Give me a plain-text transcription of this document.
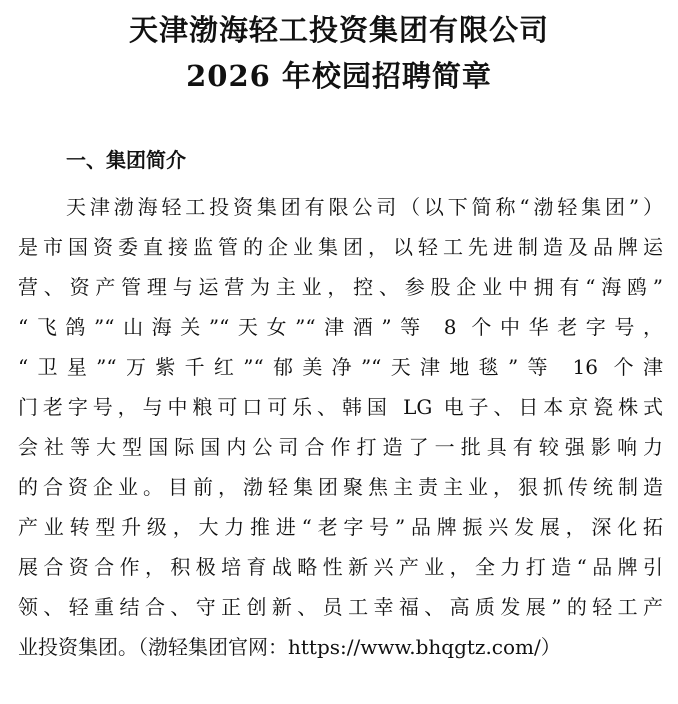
天津渤海轻工投资集团有限公司
2026 年校园招聘简章
一、集团简介
天津渤海轻工投资集团有限公司（以下简称“渤轻集团”）
是市国资委直接监管的企业集团，以轻工先进制造及品牌运
营、资产管理与运营为主业，控、参股企业中拥有“海鸥”
“飞鸽”“山海关”“天女”“津酒”等 8 个中华老字号，
“卫星”“万紫千红”“郁美净”“天津地毯”等 16 个津
门老字号，与中粮可口可乐、韩国 LG 电子、日本京瓷株式
会社等大型国际国内公司合作打造了一批具有较强影响力
的合资企业。目前，渤轻集团聚焦主责主业，狠抓传统制造
产业转型升级，大力推进“老字号”品牌振兴发展，深化拓
展合资合作，积极培育战略性新兴产业，全力打造“品牌引
领、轻重结合、守正创新、员工幸福、高质发展”的轻工产
业投资集团。（渤轻集团官网：https://www.bhqgtz.com/）
